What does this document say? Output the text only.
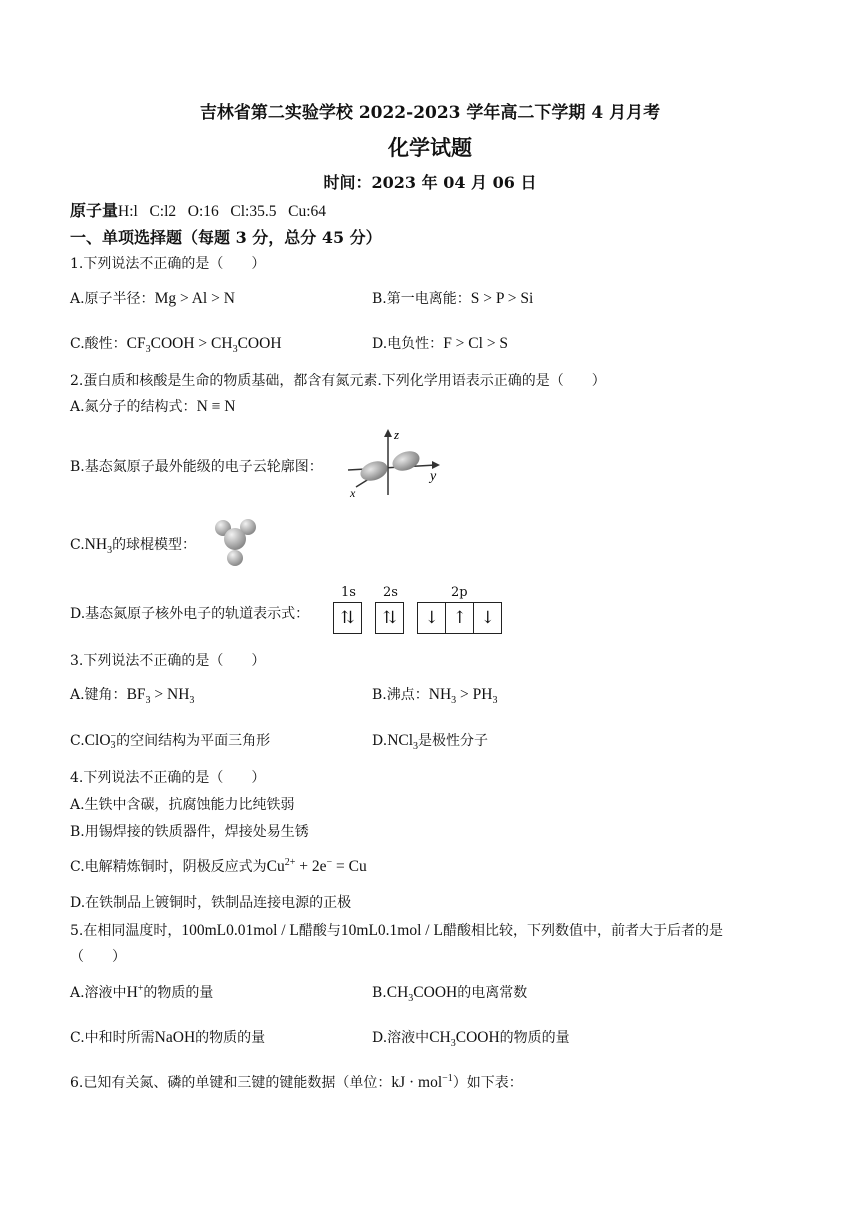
吉林省第二实验学校 2022-2023 学年高二下学期 4 月月考
化学试题
时间：2023 年 04 月 06 日
原子量H:l   C:l2   O:16   Cl:35.5   Cu:64
一、单项选择题（每题 3 分，总分 45 分）
1.下列说法不正确的是（　　）
A.原子半径：Mg > Al > N	B.第一电离能：S > P > Si
C.酸性：$CF_3COOH$ > $CH_3COOH$	D.电负性：F > Cl > S
2.蛋白质和核酸是生命的物质基础，都含有氮元素.下列化学用语表示正确的是（　　）
A.氮分子的结构式：N ≡ N
B.基态氮原子最外能级的电子云轮廓图：
z
y
x
$C.NH_3$的球棍模型：
D.基态氮原子核外电子的轨道表示式：
1s 2s	2p
⇅ ⇅ ↓ ↑ ↓
3.下列说法不正确的是（　　）
A.键角：$BF_3 > NH_3$	B.沸点：$NH_3 > PH_3$
C.ClO −
3 的空间结构为平面三角形	D.NCl$_3$是极性分子
4.下列说法不正确的是（　　）
A.生铁中含碳，抗腐蚀能力比纯铁弱
B.用锡焊接的铁质器件，焊接处易生锈
C.电解精炼铜时，阴极反应式为$Cu^{2+} + 2e^- = Cu$
D.在铁制品上镀铜时，铁制品连接电源的正极
5.在相同温度时，100mL0.01mol / L醋酸与10mL0.1mol / L醋酸相比较，下列数值中，前者大于后者的是
（　　）
A.溶液中H+的物质的量	$B.CH_3COOH$的电离常数
C.中和时所需NaOH的物质的量	D.溶液中$CH_3COOH$的物质的量
6.已知有关氮、磷的单键和三键的键能数据（单位：kJ · mol$^{-1}$）如下表：
